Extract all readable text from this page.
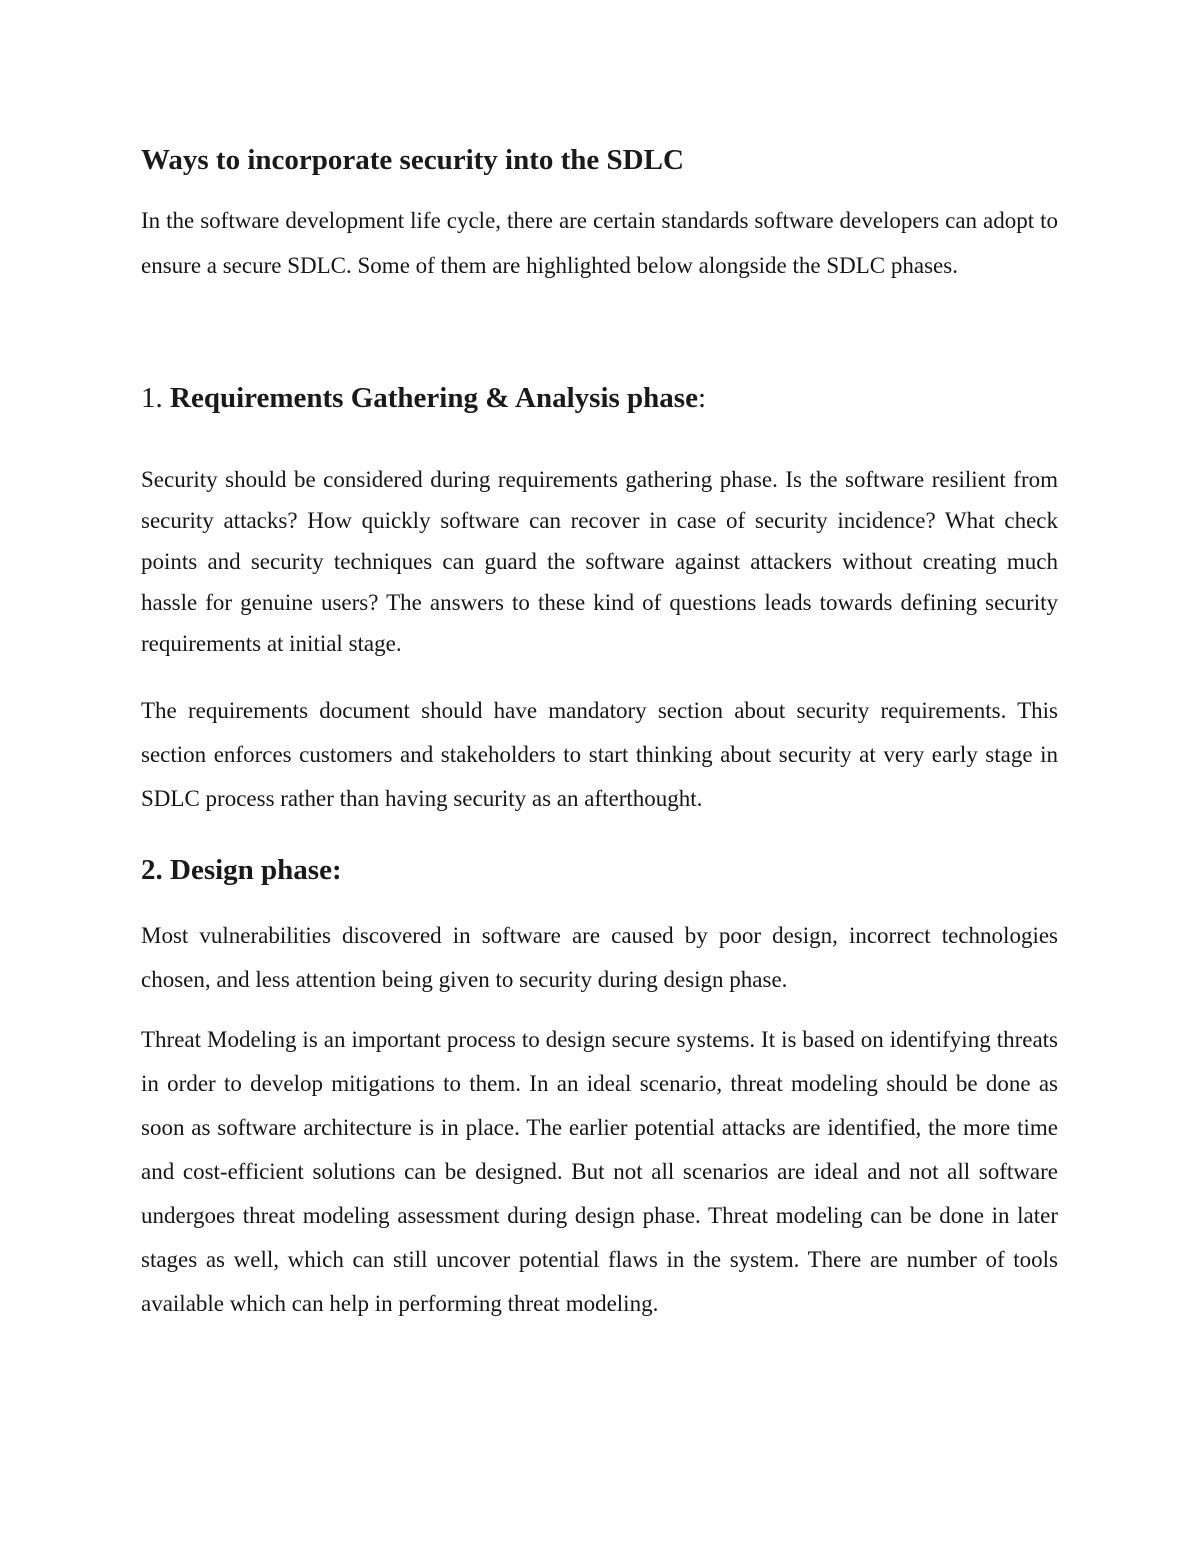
Ways to incorporate security into the SDLC

In the software development life cycle, there are certain standards software developers can adopt to ensure a secure SDLC. Some of them are highlighted below alongside the SDLC phases.

1. Requirements Gathering & Analysis phase:

Security should be considered during requirements gathering phase. Is the software resilient from security attacks? How quickly software can recover in case of security incidence? What check points and security techniques can guard the software against attackers without creating much hassle for genuine users? The answers to these kind of questions leads towards defining security requirements at initial stage.

The requirements document should have mandatory section about security requirements. This section enforces customers and stakeholders to start thinking about security at very early stage in SDLC process rather than having security as an afterthought.

2. Design phase:

Most vulnerabilities discovered in software are caused by poor design, incorrect technologies chosen, and less attention being given to security during design phase.

Threat Modeling is an important process to design secure systems. It is based on identifying threats in order to develop mitigations to them. In an ideal scenario, threat modeling should be done as soon as software architecture is in place. The earlier potential attacks are identified, the more time and cost-efficient solutions can be designed. But not all scenarios are ideal and not all software undergoes threat modeling assessment during design phase. Threat modeling can be done in later stages as well, which can still uncover potential flaws in the system. There are number of tools available which can help in performing threat modeling.
